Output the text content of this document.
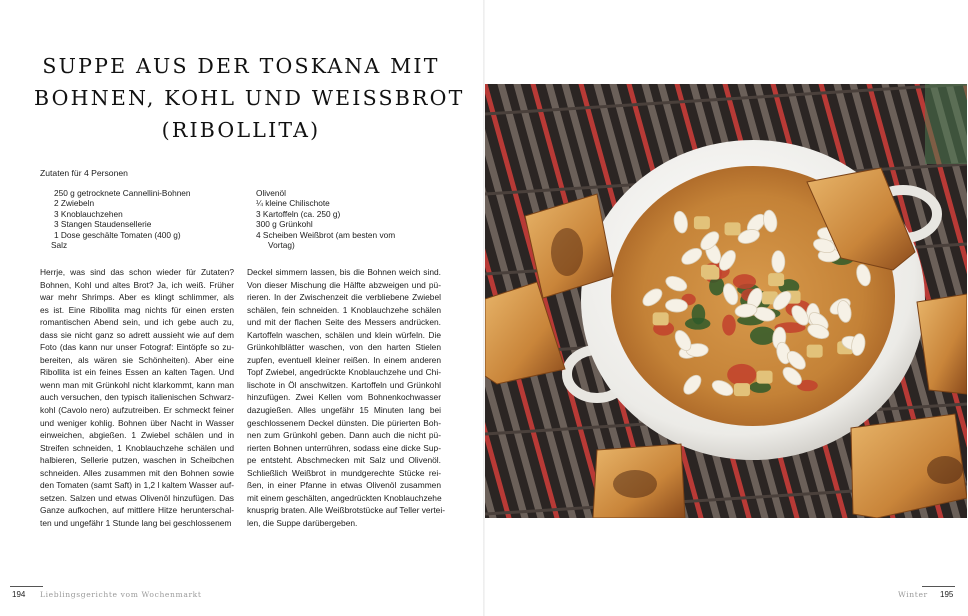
SUPPE AUS DER TOSKANA MIT
BOHNEN, KOHL UND WEISSBROT
(RIBOLLITA)
Zutaten für 4 Personen
250 g getrocknete Cannellini-Bohnen
2 Zwiebeln
3 Knoblauchzehen
3 Stangen Staudensellerie
1 Dose geschälte Tomaten (400 g)
Salz
Olivenöl
¼ kleine Chilischote
3 Kartoffeln (ca. 250 g)
300 g Grünkohl
4 Scheiben Weißbrot (am besten vom
Vortag)
Herrje, was sind das schon wieder für Zutaten?
Bohnen, Kohl und altes Brot? Ja, ich weiß. Früher
war mehr Shrimps. Aber es klingt schlimmer, als
es ist. Eine Ribollita mag nichts für einen ersten
romantischen Abend sein, und ich gebe auch zu,
dass sie nicht ganz so adrett aussieht wie auf dem
Foto (das kann nur unser Fotograf: Eintöpfe so zu-
bereiten, als wären sie Schönheiten). Aber eine
Ribollita ist ein feines Essen an kalten Tagen. Und
wenn man mit Grünkohl nicht klarkommt, kann man
auch versuchen, den typisch italienischen Schwarz-
kohl (Cavolo nero) aufzutreiben. Er schmeckt feiner
und weniger kohlig. Bohnen über Nacht in Wasser
einweichen, abgießen. 1 Zwiebel schälen und in
Streifen schneiden, 1 Knoblauchzehe schälen und
halbieren, Sellerie putzen, waschen in Scheibchen
schneiden. Alles zusammen mit den Bohnen sowie
den Tomaten (samt Saft) in 1,2 l kaltem Wasser auf-
setzen. Salzen und etwas Olivenöl hinzufügen. Das
Ganze aufkochen, auf mittlere Hitze herunterschal-
ten und ungefähr 1 Stunde lang bei geschlossenem
Deckel simmern lassen, bis die Bohnen weich sind.
Von dieser Mischung die Hälfte abzweigen und pü-
rieren. In der Zwischenzeit die verbliebene Zwiebel
schälen, fein schneiden. 1 Knoblauchzehe schälen
und mit der flachen Seite des Messers andrücken.
Kartoffeln waschen, schälen und klein würfeln. Die
Grünkohlblätter waschen, von den harten Stielen
zupfen, eventuell kleiner reißen. In einem anderen
Topf Zwiebel, angedrückte Knoblauchzehe und Chi-
lischote in Öl anschwitzen. Kartoffeln und Grünkohl
hinzufügen. Zwei Kellen vom Bohnenkochwasser
dazugießen. Alles ungefähr 15 Minuten lang bei
geschlossenem Deckel dünsten. Die pürierten Boh-
nen zum Grünkohl geben. Dann auch die nicht pü-
rierten Bohnen unterrühren, sodass eine dicke Sup-
pe entsteht. Abschmecken mit Salz und Olivenöl.
Schließlich Weißbrot in mundgerechte Stücke rei-
ßen, in einer Pfanne in etwas Olivenöl zusammen
mit einem geschälten, angedrückten Knoblauchzehe
knusprig braten. Alle Weißbrotstücke auf Teller vertei-
len, die Suppe darübergeben.
194 Lieblingsgerichte vom Wochenmarkt	Winter 195
